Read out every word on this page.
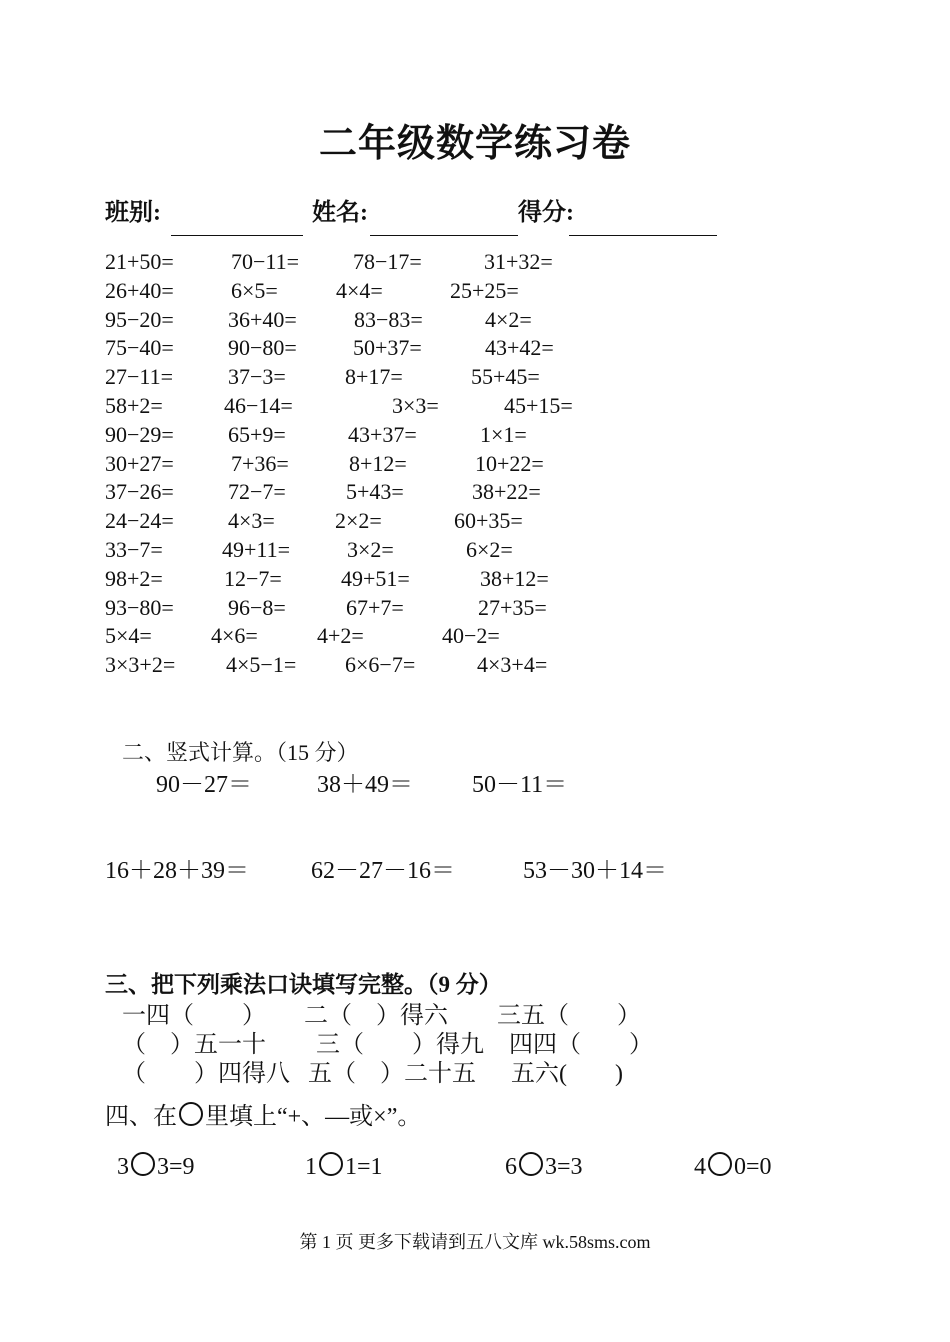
二年级数学练习卷
班别:	姓名:	得分:
21+50=	70−11= 78−17=	31+32=
26+40=	6×5=	4×4=	25+25=
95−20= 36+40=	83−83=	4×2=
75−40= 90−80=	50+37=	43+42=
27−11=	37−3=	8+17=	55+45=
58+2=	46−14=	3×3=	45+15=
90−29= 65+9=	43+37=	1×1=
30+27=	7+36=	8+12=	10+22=
37−26= 72−7=	5+43=	38+22=
24−24= 4×3=	2×2=	60+35=
33−7=	49+11=	3×2=	6×2=
98+2=	12−7=	49+51=	38+12=
93−80= 96−8=	67+7=	27+35=
5×4=	4×6=	4+2=	40−2=
3×3+2= 4×5−1= 6×6−7=	4×3+4=
二、竖式计算。（15 分）
90－27＝	38＋49＝ 50－11＝
16＋28＋39＝	62－27－16＝	53－30＋14＝
三、把下列乘法口诀填写完整。（9 分）
一四（　　） 二（　）得六 三五（　　）
（　）五一十 三（　　）得九 四四（　　）
（　　）四得八 五（　）二十五 五六(　　)
四、在 里填上“+、—或×”。
3 3=9	1 1=1	6 3=3	4 0=0
第 1 页 更多下载请到五八文库 wk.58sms.com
